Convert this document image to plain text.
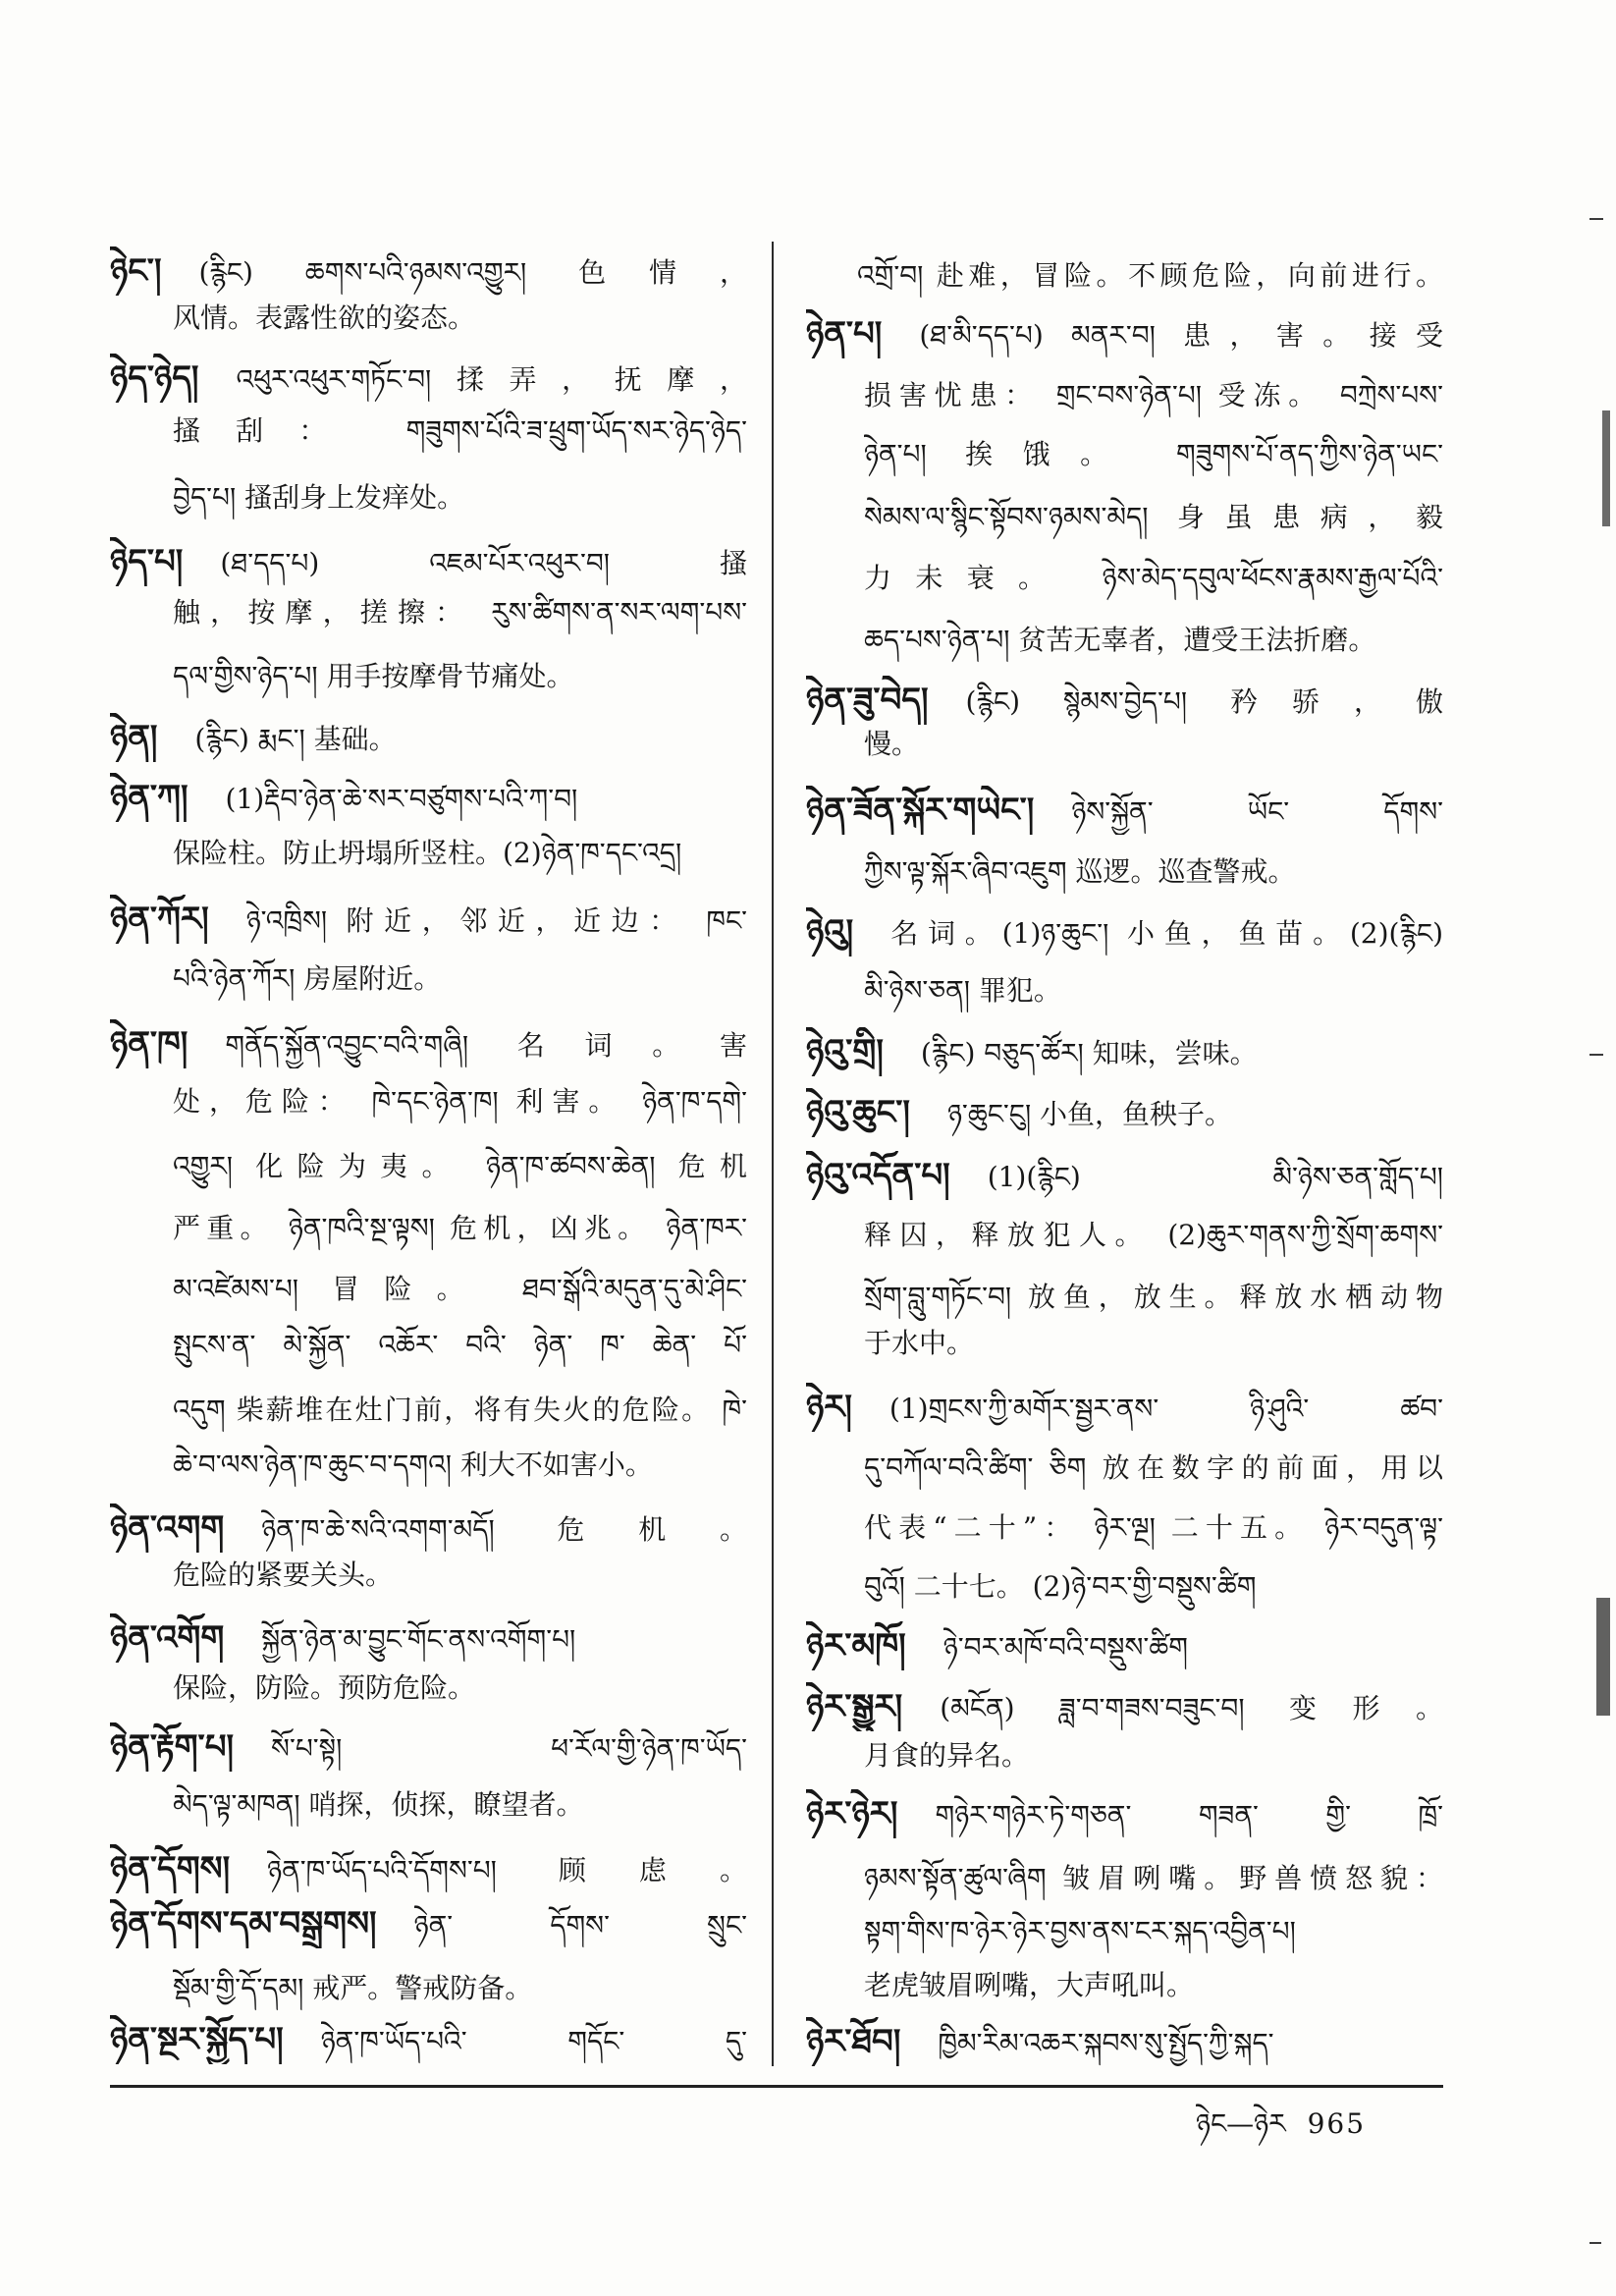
ཉེང་། (རྙིང) ཆགས་པའི་ཉམས་འགྱུར། 色情，
风情。表露性欲的姿态。
ཉེད་ཉེད། འཕུར་འཕུར་གཏོང་བ།揉弄，抚摩，
搔刮： གཟུགས་པོའི་ཟ་ཕྲུག་ཡོད་སར་ཉེད་ཉེད་
བྱེད་པ། 搔刮身上发痒处。
ཉེད་པ། (ཐ་དད་པ) འཇམ་པོར་འཕུར་བ། 搔
触，按摩，搓擦： རུས་ཚིགས་ན་སར་ལག་པས་
དལ་གྱིས་ཉེད་པ། 用手按摩骨节痛处。
ཉེན། (རྙིང) རྨང་། 基础。
ཉེན་ཀ། (1)རྡིབ་ཉེན་ཆེ་སར་བཙུགས་པའི་ཀ་བ།
保险柱。防止坍塌所竖柱。(2)ཉེན་ཁ་དང་འདྲ།
ཉེན་ཀོར། ཉེ་འཁྲིས། 附近，邻近，近边： ཁང་
པའི་ཉེན་ཀོར། 房屋附近。
ཉེན་ཁ། གནོད་སྐྱོན་འབྱུང་བའི་གཞི། 名词。害
处，危险： ཁེ་དང་ཉེན་ཁ། 利害。 ཉེན་ཁ་དགེ་
འགྱུར། 化险为夷。 ཉེན་ཁ་ཚབས་ཆེན། 危机
严重。 ཉེན་ཁའི་སྔ་ལྟས། 危机，凶兆。 ཉེན་ཁར་
མ་འཛེམས་པ། 冒险。 ཐབ་སྒོའི་མདུན་དུ་མེ་ཤིང་
སྤུངས་ན་ མེ་སྐྱོན་ འཆོར་ བའི་ ཉེན་ ཁ་ ཆེན་ པོ་
འདུག 柴薪堆在灶门前，将有失火的危险。 ཁེ་
ཆེ་བ་ལས་ཉེན་ཁ་ཆུང་བ་དགའ། 利大不如害小。
ཉེན་འགག ཉེན་ཁ་ཆེ་སའི་འགག་མདོ། 危机。
危险的紧要关头。
ཉེན་འགོག སྐྱོན་ཉེན་མ་བྱུང་གོང་ནས་འགོག་པ།
保险，防险。预防危险。
ཉེན་རྟོག་པ། སོ་པ་སྟེ། ཕ་རོལ་གྱི་ཉེན་ཁ་ཡོད་
མེད་ལྟ་མཁན། 哨探，侦探，瞭望者。
ཉེན་དོགས། ཉེན་ཁ་ཡོད་པའི་དོགས་པ། 顾虑。
ཉེན་དོགས་དམ་བསྒྲགས། ཉེན་ དོགས་ སྲུང་
སྡོམ་གྱི་དོ་དམ། 戒严。警戒防备。
ཉེན་སྔར་སྐྱོད་པ། ཉེན་ཁ་ཡོད་པའི་ གདོང་ དུ་
འགྲོ་བ། 赴难，冒险。不顾危险，向前进行。
ཉེན་པ། (ཐ་མི་དད་པ) མནར་བ། 患，害。接受
损害忧患： གྲང་བས་ཉེན་པ། 受冻。 བཀྲེས་པས་
ཉེན་པ། 挨饿。 གཟུགས་པོ་ནད་ཀྱིས་ཉེན་ཡང་
སེམས་ལ་སྙིང་སྟོབས་ཉམས་མེད། 身虽患病，毅
力未衰。 ཉེས་མེད་དབུལ་ཕོངས་རྣམས་རྒྱལ་པོའི་
ཆད་པས་ཉེན་པ། 贫苦无辜者，遭受王法折磨。
ཉེན་ཟུ་བེད། (རྙིང) སྙེམས་བྱེད་པ། 矜骄，傲
慢。
ཉེན་ཟོན་སྐོར་གཡེང་། ཉེས་སྐྱོན་ ཡོང་ དོགས་
ཀྱིས་ལྟ་སྐོར་ཞིབ་འཇུག 巡逻。巡查警戒。
ཉེའུ། 名词。(1)ཉ་ཆུང་། 小鱼，鱼苗。(2)(རྙིང)
མི་ཉེས་ཅན། 罪犯。
ཉེའུ་གྲི། (རྙིང) བཅུད་ཚོར། 知味，尝味。
ཉེའུ་ཆུང་། ཉ་ཆུང་ངུ། 小鱼，鱼秧子。
ཉེའུ་འདོན་པ། (1)(རྙིང) མི་ཉེས་ཅན་གློད་པ།
释囚，释放犯人。 (2)ཆུར་གནས་ཀྱི་སྲོག་ཆགས་
སྲོག་བླུ་གཏོང་བ། 放鱼，放生。释放水栖动物
于水中。
ཉེར། (1)གྲངས་ཀྱི་མགོར་སྦྱར་ནས་ ཉི་ཤུའི་ ཚབ་
དུ་བཀོལ་བའི་ཚིག་ ཅིག 放在数字的前面，用以
代表“二十”： ཉེར་ལྔ། 二十五。 ཉེར་བདུན་ལྟ་
བུའོ། 二十七。 (2)ཉེ་བར་གྱི་བསྡུས་ཚིག
ཉེར་མཁོ། ཉེ་བར་མཁོ་བའི་བསྡུས་ཚིག
ཉེར་སྒྱུར། (མངོན) ཟླ་བ་གཟས་བཟུང་བ། 变形。
月食的异名。
ཉེར་ཉེར། གཉེར་གཉེར་ཏེ་གཅན་ གཟན་ གྱི་ ཁྲོ་
ཉམས་སྟོན་ཚུལ་ཞིག 皱眉咧嘴。野兽愤怒貌：
སྟག་གིས་ཁ་ཉེར་ཉེར་བྱས་ནས་ངར་སྐད་འབྱིན་པ།
老虎皱眉咧嘴，大声吼叫。
ཉེར་ཐོབ། ཁྱིམ་རིམ་འཆར་སྐབས་སུ་སྤྱོད་ཀྱི་སྐད་
ཉེང—ཉེར 965
